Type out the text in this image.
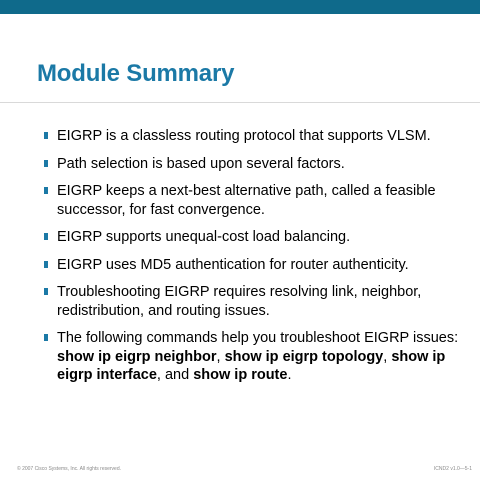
Module Summary
EIGRP is a classless routing protocol that supports VLSM.
Path selection is based upon several factors.
EIGRP keeps a next-best alternative path, called a feasible successor, for fast convergence.
EIGRP supports unequal-cost load balancing.
EIGRP uses MD5 authentication for router authenticity.
Troubleshooting EIGRP requires resolving link, neighbor, redistribution, and routing issues.
The following commands help you troubleshoot EIGRP issues: show ip eigrp neighbor, show ip eigrp topology, show ip eigrp interface, and show ip route.
© 2007 Cisco Systems, Inc. All rights reserved.	ICND2 v1.0—5-1
